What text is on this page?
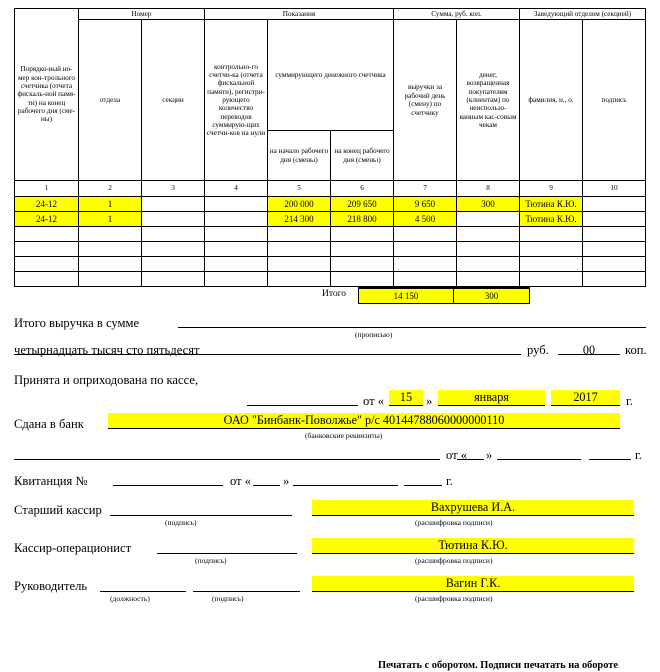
Порядко-вый но-мер кон-трольного счетчика (отчета фискаль-ной памя-ти) на конец рабочего дня (сме-ны)	Номер		Показания			Сумма, руб. коп.		Заведующий отделом (секцией)	
	отдела	секции	контрольно-го счетчи-ка (отчета фискальной памяти), регистри-рующего количество переводов суммирую-щих счетчи-ков на нули	суммирующего денежного счетчика		выручки за рабочий день (смену) по счетчику	денег, возвращенная покупателям (клиентам) по неиспользо-ванным кас-совым чекам	фамилия, и., о.	подпись
				на начало рабочего дня (сменьı)	на конец рабочего дня (сменьı)				
1	2	3	4	5	6	7	8	9	10
24-12	1			200 000	209 650	9 650	300	Тютина К.Ю.	
24-12	1			214 300	218 800	4 500		Тютина К.Ю.	

Итого	14 150	300
Итого выручка в сумме
(прописью)
четырнадцать тысяч сто пятьдесят	руб.	00	коп.
Принята и оприходована по кассе,
от «	15	»	января	2017	г.
Сдана в банк	ОАО "Бинбанк-Поволжье" р/с 40144788060000000110
(банковские реквизиты)
от « »	г.
Квитанция №	от «	»	г.
Старший кассир
(подпись)
Вахрушева И.А.
(расшифровка подписи)
Кассир-операционист
(подпись)
Тютина К.Ю.
(расшифровка подписи)
Руководитель
(должность)	(подпись)
Вагин Г.К.
(расшифровка подписи)
Печатать с оборотом. Подписи печатать на обороте
